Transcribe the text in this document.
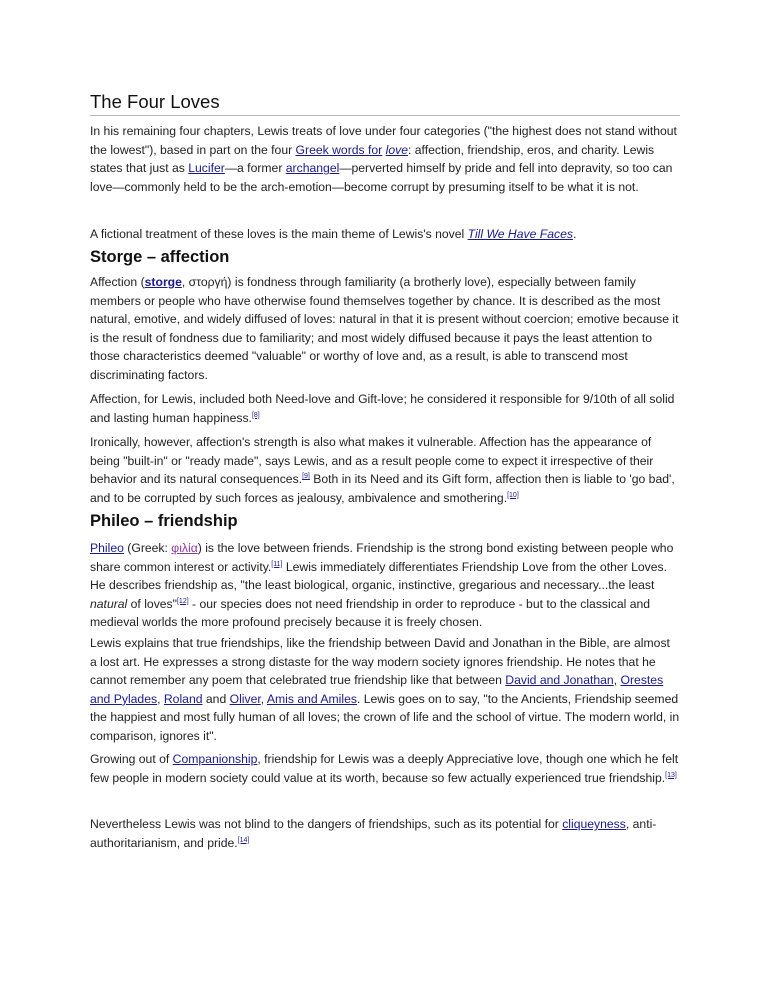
The Four Loves

In his remaining four chapters, Lewis treats of love under four categories ("the highest does not stand without the lowest"), based in part on the four Greek words for love: affection, friendship, eros, and charity. Lewis states that just as Lucifer—a former archangel—perverted himself by pride and fell into depravity, so too can love—commonly held to be the arch-emotion—become corrupt by presuming itself to be what it is not.

A fictional treatment of these loves is the main theme of Lewis's novel Till We Have Faces.

Storge – affection

Affection (storge, στοργή) is fondness through familiarity (a brotherly love), especially between family members or people who have otherwise found themselves together by chance. It is described as the most natural, emotive, and widely diffused of loves: natural in that it is present without coercion; emotive because it is the result of fondness due to familiarity; and most widely diffused because it pays the least attention to those characteristics deemed "valuable" or worthy of love and, as a result, is able to transcend most discriminating factors.

Affection, for Lewis, included both Need-love and Gift-love; he considered it responsible for 9/10th of all solid and lasting human happiness.[8]

Ironically, however, affection's strength is also what makes it vulnerable. Affection has the appearance of being "built-in" or "ready made", says Lewis, and as a result people come to expect it irrespective of their behavior and its natural consequences.[9] Both in its Need and its Gift form, affection then is liable to 'go bad', and to be corrupted by such forces as jealousy, ambivalence and smothering.[10]

Phileo – friendship

Phileo (Greek: φιλία) is the love between friends. Friendship is the strong bond existing between people who share common interest or activity.[11] Lewis immediately differentiates Friendship Love from the other Loves. He describes friendship as, "the least biological, organic, instinctive, gregarious and necessary...the least natural of loves"[12] - our species does not need friendship in order to reproduce - but to the classical and medieval worlds the more profound precisely because it is freely chosen.

Lewis explains that true friendships, like the friendship between David and Jonathan in the Bible, are almost a lost art. He expresses a strong distaste for the way modern society ignores friendship. He notes that he cannot remember any poem that celebrated true friendship like that between David and Jonathan, Orestes and Pylades, Roland and Oliver, Amis and Amiles. Lewis goes on to say, "to the Ancients, Friendship seemed the happiest and most fully human of all loves; the crown of life and the school of virtue. The modern world, in comparison, ignores it".

Growing out of Companionship, friendship for Lewis was a deeply Appreciative love, though one which he felt few people in modern society could value at its worth, because so few actually experienced true friendship.[13]

Nevertheless Lewis was not blind to the dangers of friendships, such as its potential for cliqueyness, anti-authoritarianism, and pride.[14]
